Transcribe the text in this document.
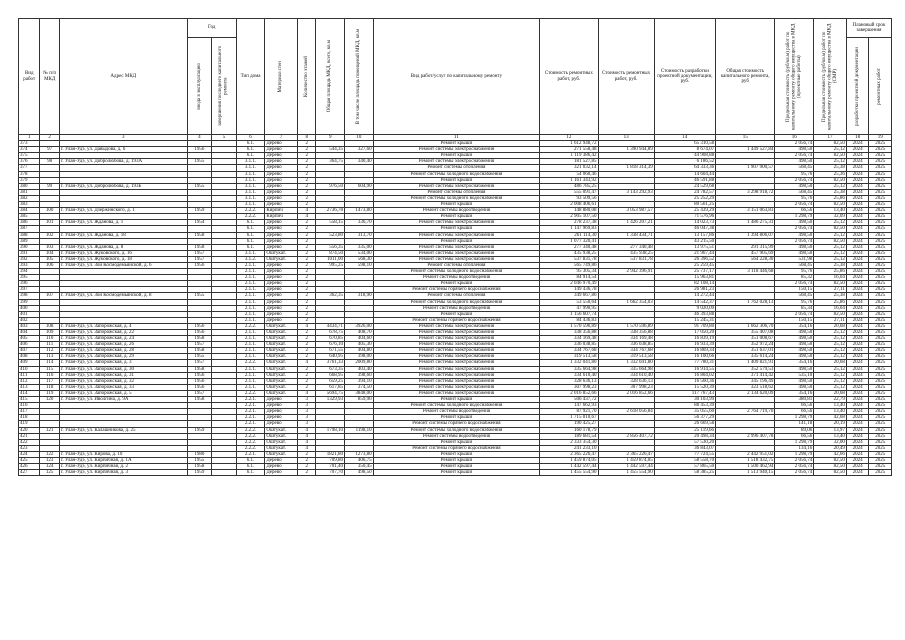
Вид работ	№ п/п МКД	Адрес МКД	Год		Тип дома	Материал стен	Количество этажей	Общая площадь МКД, всего, кв.м	В том числе площадь помещений МКД, кв.м	Вид работ/услуг по капитальному ремонту	Стоимость ремонтных работ, руб.	Стоимость ремонтных работ, руб.	Стоимость разработки проектной документации, руб.	Общая стоимость капитального ремонта, руб	Предельная стоимость (руб/кв.м) работ по капитальному ремонту общего имущества в МКД (проектные работы)	Предельная стоимость (руб/кв.м) работ по капитальному ремонту общего имущества в МКД (СМР)	Плановый срок завершения	

			ввода в эксплуатацию	завершения последнего капитального ремонта													разработки проектной документации	ремонтных работ

1	2	3	4	5	6	7	8	9	10	11	12	13	14	15	16	17	18	19
373					6.1.	Дерево	2			Ремонт крыши	1 612 948,72		65 310,58		2 056,74	82,50	2024	2025
374	97	г. Улан-Удэ, ул. Давыдова, д. 6	1956		6.1.	Дерево	2	544,35	327,60	Ремонт системы электроснабжения	271 558,48	1 390 944,89	8 674,07	1 449 527,84	498,50	25,12	2024	2025
375					6.1.	Дерево	2			Ремонт крыши	1 119 386,42		44 908,88		2 056,74	82,50	2024	2025
376	98	г. Улан-Удэ, ул. Добролюбова, д. 193А	1955		3.1.1.	Дерево	2	364,75	340,40	Ремонт системы электроснабжения	181 527,85		6 186,52		498,50	25,12	2024	2025
377					3.1.1.	Дерево	2			Ремонт системы отопления	321 032,14	1 818 314,39	64 333,36	1 907 900,57	568,45	25,38	2024	2025
378					3.1.1.	Дерево	2			Ремонт системы холодного водоснабжения	54 060,46		14 604,44		95,76	25,36	2024	2025
379					3.1.1.	Дерево	2			Ремонт крыши	1 161 343,92		46 591,88		2 056,74	82,50	2024	2025
380	99	г. Улан-Удэ, ул. Добролюбова, д. 193Б	1955		3.1.1.	Дерево	2	976,50	604,90	Ремонт системы электроснабжения	486 785,25		24 529,68		498,50	25,12	2024	2025
381					3.1.1.	Дерево	2			Ремонт системы отопления	555 091,47	3 143 292,93	24 782,57	3 298 918,72	568,45	25,38	2024	2025
382					3.1.1.	Дерево	2			Ремонт системы холодного водоснабжения	93 509,56		25 252,29		95,76	25,86	2024	2025
383					3.1.1.	Дерево	2			Ремонт крыши	2 008 406,61		80 561,25		2 056,74	82,50	2024	2025
384	100	г. Улан-Удэ, ул. Дзержинского, д. 1	1959		2.2.2.	Кирпич	4	2736,78	1473,80	Ремонт системы водоотведения	148 880,08	3 053 987,57	25 439,29	3 151 063,83	66,56	13,40	2024	2025
385					2.2.2.	Кирпич	4			Ремонт крыши	2 905 107,50		71 576,96		1 298,79	32,09	2024	2025
386	101	г. Улан-Удэ, ул. Жданова, д. 1	1954		6.1.	Дерево	2	558,15	336,70	Ремонт системы электроснабжения	278 237,38	1 426 207,21	14 023,73	1 486 275,31	498,50	25,12	2024	2025
387					6.1.	Дерево	2			Ремонт крыши	1 147 969,83		46 047,38		2 056,74	82,50	2024	2025
388	102	г. Улан-Удэ, ул. Жданова, д. 18	1958		6.1.	Дерево	2	523,80	313,70	Ремонт системы электроснабжения	261 114,30	1 338 434,71	13 157,86	1 394 806,07	498,50	25,12	2024	2025
389					6.1.	Дерево	2			Ремонт крыши	1 077 320,41		43 215,50		2 056,74	82,50	2024	2025
390	103	г. Улан-Удэ, ул. Жданова, д. 8	1958		6.1.	Дерево	2	556,35	335,00	Ремонт системы электроснабжения	277 340,48	277 340,48	13 975,51	291 315,99	498,50	25,12	2024	2025
391	104	г. Улан-Удэ, ул. Жуковского, д. 16	1957		3.1.1.	Оштукат.	2	874,50	534,00	Ремонт системы электроснабжения	435 938,25	435 938,25	21 967,44	457 905,69	498,50	25,12	2024	2025
392	105	г. Улан-Удэ, ул. Жуковского, д. 18	1957		3.1.2.	Оштукат.	2	1011,00	568,30	Ремонт системы электроснабжения	537 831,78	537 831,78	26 396,52	564 228,30	531,98	25,12	2024	2025
393	106	г. Улан-Удэ, ул. Зои Космодемьянской, д. 6	1956		2.1.1.	Дерево	2	995,25	598,10	Ремонт системы отопления	565 749,86		25 259,45		568,45	25,38	2024	2025
394					2.1.1.	Дерево	2			Ремонт системы холодного водоснабжения	95 305,34	2 942 396,91	25 737,17	3 118 446,68	95,76	25,86	2024	2025
395					2.1.1.	Дерево	2			Ремонт системы водоотведения	84 914,54		15 963,81		85,32	16,04	2024	2025
396					2.1.1.	Дерево	2			Ремонт крыши	2 046 970,49		82 108,14		2 056,74	82,50	2024	2025
397					2.1.1.	Дерево	2			Ремонт системы горячего водоснабжения	149 436,78		26 981,23		150,15	27,11	2024	2025
398	107	г. Улан-Удэ, ул. Зои Космодемьянской, д. 8	1955		2.1.1.	Дерево	2	362,35	318,90	Ремонт системы отопления	349 667,86		14 272,44		568,45	25,38	2024	2025
399					2.1.1.	Дерево	2			Ремонт системы холодного водоснабжения	53 550,64	1 662 354,03	14 542,37	1 762 028,13	95,76	25,86	2024	2025
400					2.1.1.	Дерево	2			Ремонт системы водоотведения	47 990,95		9 020,09		85,34	16,04	2024	2025
401					2.1.1.	Дерево	2			Ремонт крыши	1 156 607,74		46 393,88		2 056,74	82,50	2024	2025
402					2.1.1.	Дерево	2			Ремонт системы горячего водоснабжения	84 436,83		15 245,31		150,15	27,11	2024	2025
403	108	г. Улан-Удэ, ул. Запорожская, д. 4	1956		2.2.2.	Оштукат.	4	4434,71	3926,00	Ремонт системы электроснабжения	1 570 596,89	1 570 596,89	91 709,80	1 662 306,70	354,16	20,68	2024	2025
404	109	г. Улан-Удэ, ул. Запорожская, д. 22	1956		2.1.1.	Оштукат.	2	678,75	408,70	Ремонт системы электроснабжения	338 356,88	338 356,88	17 050,20	355 407,08	498,50	25,12	2024	2025
405	110	г. Улан-Удэ, ул. Запорожская, д. 24	1958		2.1.1.	Оштукат.	2	670,85	404,60	Ремонт системы электроснабжения	334 169,48	334 169,48	16 839,19	351 008,67	498,50	25,12	2024	2025
406	111	г. Улан-Удэ, ул. Запорожская, д. 26	1957		2.1.1.	Оштукат.	2	676,10	405,30	Ремонт системы электроснабжения	336 038,85	336 038,85	16 933,39	352 972,24	498,50	25,12	2024	2025
407	112	г. Улан-Удэ, ул. Запорожская, д. 28	1958		2.1.1.	Оштукат.	2	671,55	404,80	Ремонт системы электроснабжения	334 767,68	334 767,68	16 869,34	351 637,01	498,50	25,12	2024	2025
408	113	г. Улан-Удэ, ул. Запорожская, д. 29	1955		2.1.1.	Оштукат.	2	640,95	398,00	Ремонт системы электроснабжения	319 513,58	319 513,58	16 100,66	335 614,24	498,50	25,12	2024	2025
409	114	г. Улан-Удэ, ул. Запорожская, д. 3	1957		2.2.2.	Оштукат.	4	3761,33	2009,80	Ремонт системы электроснабжения	1 332 041,80	1 332 041,80	77 780,31	1 409 821,91	354,16	20,68	2024	2025
410	115	г. Улан-Удэ, ул. Запорожская, д. 30	1958		2.1.1.	Оштукат.	2	673,35	403,40	Ремонт системы электроснабжения	335 664,98	335 664,98	16 914,55	352 579,53	498,50	25,12	2024	2025
411	116	г. Улан-Удэ, ул. Запорожская, д. 31	1956		2.1.1.	Оштукат.	2	668,95	398,60	Ремонт системы электроснабжения	334 610,40	334 610,40	16 804,02	371 414,42	535,10	25,12	2024	2025
412	117	г. Улан-Удэ, ул. Запорожская, д. 32	1956		2.1.1.	Оштукат.	2	659,25	394,10	Ремонт системы электроснабжения	328 636,13	328 636,13	16 560,36	345 196,49	498,50	25,12	2024	2025
413	118	г. Улан-Удэ, ул. Запорожская, д. 33	1956		2.1.1.	Оштукат.	2	617,85	374,50	Ремонт системы электроснабжения	307 998,23	307 998,23	15 520,39	323 518,62	498,50	25,12	2024	2025
414	119	г. Улан-Удэ, ул. Запорожская, д. 5	1957		2.2.2.	Оштукат.	4	5694,75	3848,00	Ремонт системы электроснабжения	2 016 852,66	2 016 852,66	117 767,43	2 134 620,09	354,16	20,68	2024	2025
415	120	г. Улан-Удэ, ул. Иволгина, д. 9А	1958		2.2.1.	Дерево	3	1329,93	859,90	Ремонт крыши	506 437,72		30 103,99		380,81	22,79	2024	2025
416					2.2.1.	Дерево	3			Ремонт системы холодного водоснабжения	147 662,93		88 453,39		66,56	13,40	2024	2025
417					2.2.1.	Дерево	3			Ремонт системы водоотведения	87 921,70	2 618 056,84	35 055,60	2 764 719,70	66,56	13,40	2024	2025
418					2.2.1.	Дерево	3			Ремонт крыши	1 715 010,67		56 377,29		1 298,79	42,68	2024	2025
419					2.2.1.	Дерево	3			Ремонт системы горячего водоснабжения	190 425,27		26 669,58		141,18	20,19	2024	2025
420	121	г. Улан-Удэ, ул. Калашникова, д. 25	1959		2.2.2.	Оштукат.	4	1798,10	1198,10	Ремонт системы холодного водоснабжения	160 178,79		25 119,66		89,06	13,97	2024	2025
421					2.2.2.	Оштукат.	4			Ремонт системы водоотведения	189 681,54	2 856 407,72	20 498,34	2 996 407,78	66,56	13,40	2024	2025
422					2.2.2.	Оштукат.	4			Ремонт крыши	2 333 354,30		57 530,20		1 298,79	32,00	2024	2025
423					2.2.2.	Оштукат.	4			Ремонт системы горячего водоснабжения	241 233,10		36 843,07		134,16	20,49	2024	2025
424	122	г. Улан-Удэ, ул. Кирова, д. 10	1980		2.2.1.	Оштукат.	2	1821,80	1273,80	Ремонт крыши	2 365 226,47	2 365 226,47	77 724,55	2 442 951,02	1 298,79	42,66	2024	2025
425	123	г. Улан-Удэ, ул. Кирпичная, д. 1А	1955		6.1.	Дерево	2	709,80	406,75	Ремонт крыши	1 459 874,05	1 459 874,05	58 558,70	1 518 432,75	2 056,74	82,50	2024	2025
426	124	г. Улан-Удэ, ул. Кирпичная, д. 2	1958		6.1.	Дерево	2	701,40	350,45	Ремонт крыши	1 442 597,44	1 442 597,44	57 865,50	1 500 462,94	2 056,74	82,50	2024	2025
427	125	г. Улан-Удэ, ул. Кирпичная, д. 3	1959		6.1.	Дерево	2	707,70	498,50	Ремонт крыши	1 455 554,90	1 455 554,90	58 385,25	1 513 940,15	2 056,74	82,50	2024	2025
